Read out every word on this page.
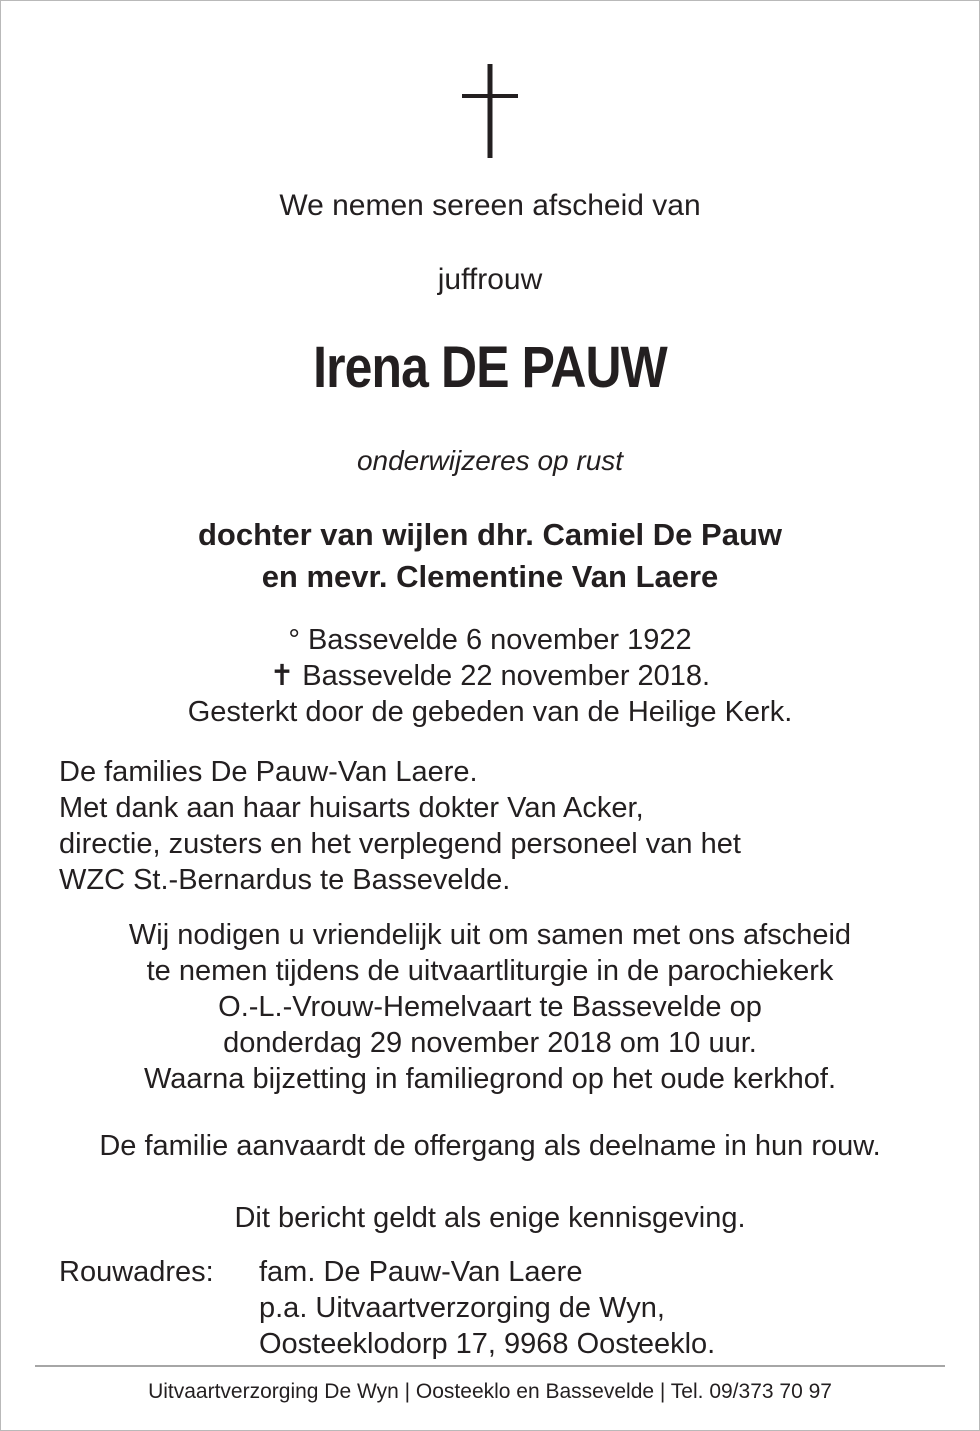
We nemen sereen afscheid van
juffrouw
Irena DE PAUW
onderwijzeres op rust
dochter van wijlen dhr. Camiel De Pauw
en mevr. Clementine Van Laere
° Bassevelde 6 november 1922
✝ Bassevelde 22 november 2018.
Gesterkt door de gebeden van de Heilige Kerk.
De families De Pauw-Van Laere.
Met dank aan haar huisarts dokter Van Acker,
directie, zusters en het verplegend personeel van het
WZC St.-Bernardus te Bassevelde.
Wij nodigen u vriendelijk uit om samen met ons afscheid
te nemen tijdens de uitvaartliturgie in de parochiekerk
O.-L.-Vrouw-Hemelvaart te Bassevelde op
donderdag 29 november 2018 om 10 uur.
Waarna bijzetting in familiegrond op het oude kerkhof.
De familie aanvaardt de offergang als deelname in hun rouw.
Dit bericht geldt als enige kennisgeving.
Rouwadres:	fam. De Pauw-Van Laere
p.a. Uitvaartverzorging de Wyn,
Oosteeklodorp 17, 9968 Oosteeklo.
Uitvaartverzorging De Wyn | Oosteeklo en Bassevelde | Tel. 09/373 70 97
